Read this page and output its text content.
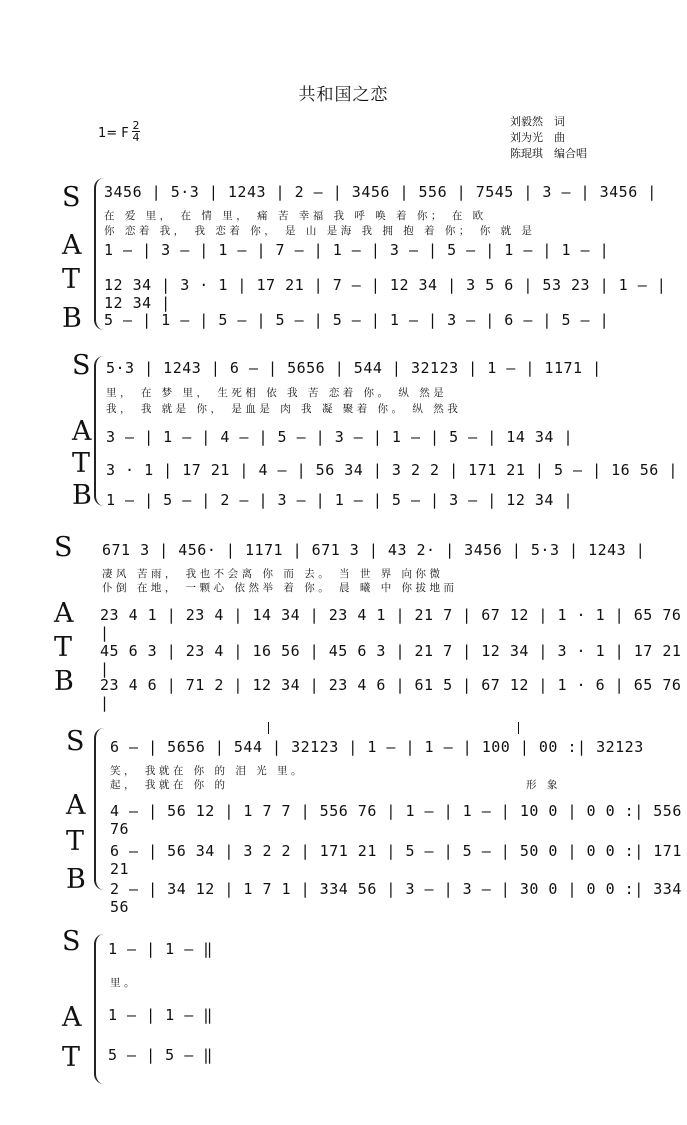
共和国之恋
1= F
2
4
刘毅然　词
刘为光　曲
陈琨琪　编合唱
S
A
T
B
3456 | 5·3 | 1243 | 2 — | 3456 | 556 | 7545 | 3 — | 3456 |
在 爱 里， 在 情 里， 痛 苦 幸福 我 呼 唤 着 你； 在 欧
你 恋着 我， 我 恋着 你， 是 山 是海 我 拥 抱 着 你； 你 就 是
1 — | 3 — | 1 — | 7 — | 1 — | 3 — | 5 — | 1 — | 1 — |
12 34 | 3 · 1 | 17 21 | 7 — | 12 34 | 3 5 6 | 53 23 | 1 — | 12 34 |
5 — | 1 — | 5 — | 5 — | 5 — | 1 — | 3 — | 6 — | 5 — |
S
A
T
B
5·3 | 1243 | 6 — | 5656 | 544 | 32123 | 1 — | 1171 |
里， 在 梦 里， 生死相 依 我 苦 恋着 你。 纵 然是
我， 我 就是 你， 是血是 肉 我 凝 聚着 你。 纵 然我
3 — | 1 — | 4 — | 5 — | 3 — | 1 — | 5 — | 14 34 |
3 · 1 | 17 21 | 4 — | 56 34 | 3 2 2 | 171 21 | 5 — | 16 56 |
1 — | 5 — | 2 — | 3 — | 1 — | 5 — | 3 — | 12 34 |
S
A
T
B
671 3 | 456· | 1171 | 671 3 | 43 2· | 3456 | 5·3 | 1243 |
凄风 苦雨， 我也不会离 你 而 去。 当 世 界 向你微
仆倒 在地， 一颗心 依然举 着 你。 晨 曦 中 你拔地而
23 4 1 | 23 4 | 14 34 | 23 4 1 | 21 7 | 67 12 | 1 · 1 | 65 76 |
45 6 3 | 23 4 | 16 56 | 45 6 3 | 21 7 | 12 34 | 3 · 1 | 17 21 |
23 4 6 | 71 2 | 12 34 | 23 4 6 | 61 5 | 67 12 | 1 · 6 | 65 76 |
S
A
T
B
6 — | 5656 | 544 | 32123 | 1 — | 1 — | 100 | 00 :| 32123
笑， 我就在 你 的 泪 光 里。
起， 我就在 你 的	形 象
4 — | 56 12 | 1 7 7 | 556 76 | 1 — | 1 — | 10 0 | 0 0 :| 556 76
6 — | 56 34 | 3 2 2 | 171 21 | 5 — | 5 — | 50 0 | 0 0 :| 171 21
2 — | 34 12 | 1 7 1 | 334 56 | 3 — | 3 — | 30 0 | 0 0 :| 334 56
S
A
T
1 — | 1 — ‖
里。
1 — | 1 — ‖
5 — | 5 — ‖
